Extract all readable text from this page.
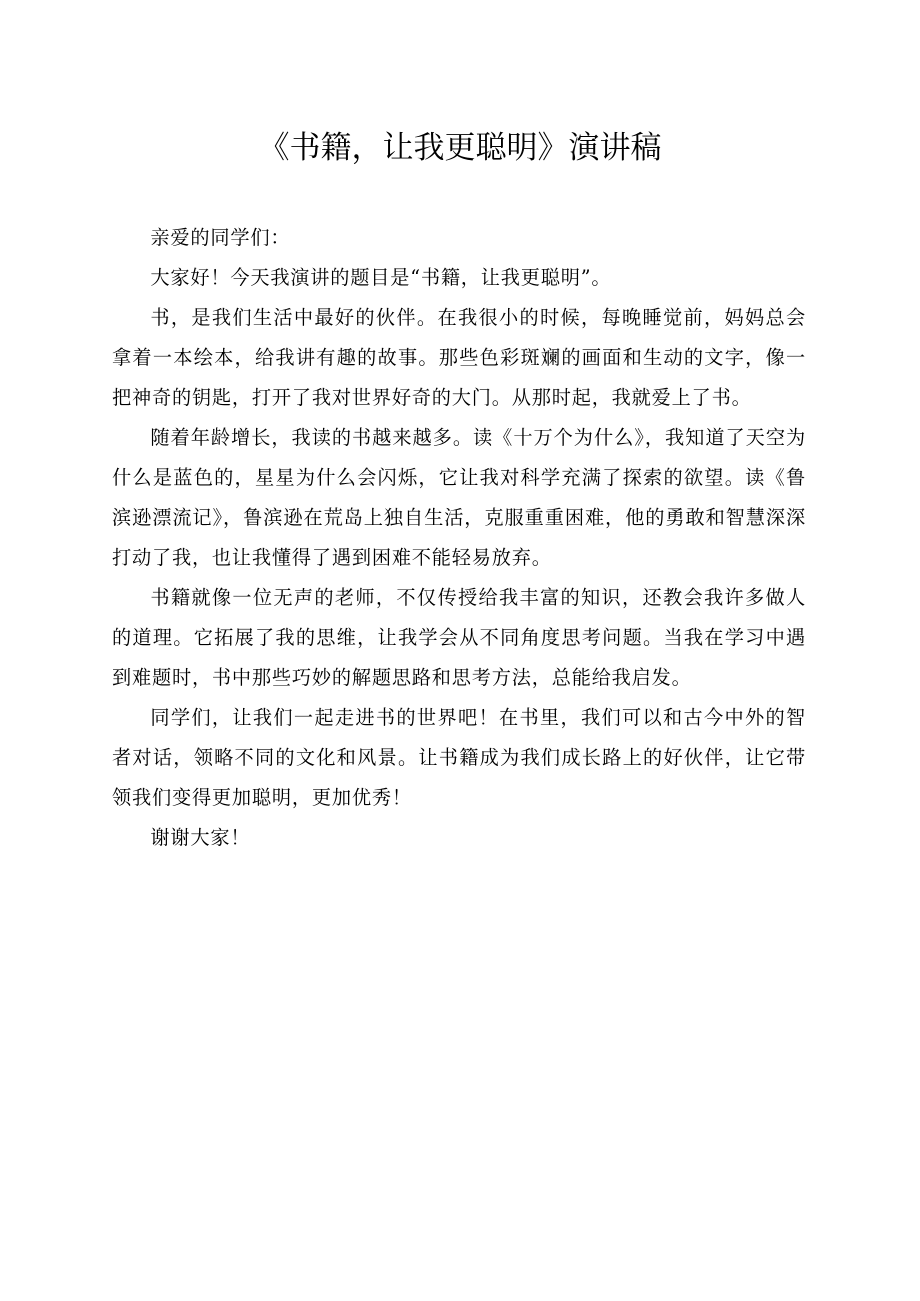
《书籍，让我更聪明》演讲稿

亲爱的同学们：

大家好！今天我演讲的题目是“书籍，让我更聪明”。

书，是我们生活中最好的伙伴。在我很小的时候，每晚睡觉前，妈妈总会拿着一本绘本，给我讲有趣的故事。那些色彩斑斓的画面和生动的文字，像一把神奇的钥匙，打开了我对世界好奇的大门。从那时起，我就爱上了书。

随着年龄增长，我读的书越来越多。读《十万个为什么》，我知道了天空为什么是蓝色的，星星为什么会闪烁，它让我对科学充满了探索的欲望。读《鲁滨逊漂流记》，鲁滨逊在荒岛上独自生活，克服重重困难，他的勇敢和智慧深深打动了我，也让我懂得了遇到困难不能轻易放弃。

书籍就像一位无声的老师，不仅传授给我丰富的知识，还教会我许多做人的道理。它拓展了我的思维，让我学会从不同角度思考问题。当我在学习中遇到难题时，书中那些巧妙的解题思路和思考方法，总能给我启发。

同学们，让我们一起走进书的世界吧！在书里，我们可以和古今中外的智者对话，领略不同的文化和风景。让书籍成为我们成长路上的好伙伴，让它带领我们变得更加聪明，更加优秀！

谢谢大家！
